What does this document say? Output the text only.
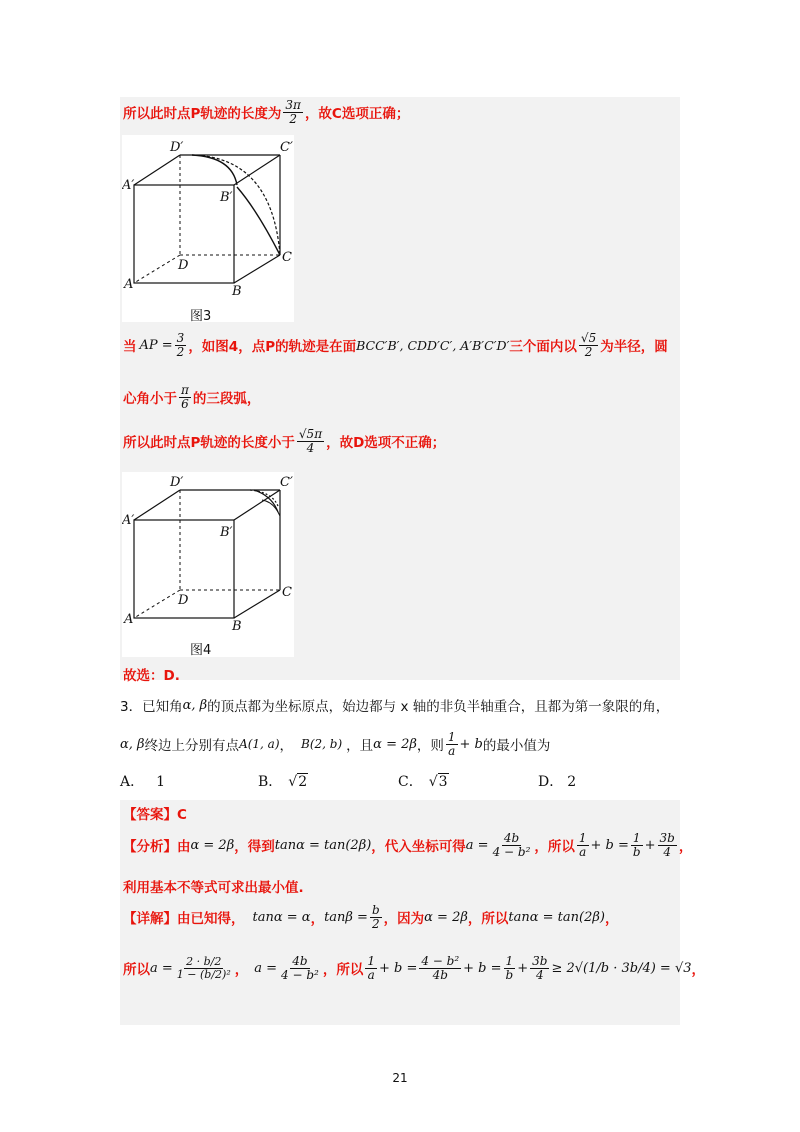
所以此时点P轨迹的长度为 $\frac{3\pi}{2}$ ，故C选项正确；
D′	C′
A′
B′
D
C
A	B
图3
当 AP = $\frac{3}{2}$ ，如图4，点P的轨迹是在面 BCC′B′, CDD′C′, A′B′C′D′ 三个面内以 $\frac{√5}{2}$ 为半径，圆
心角小于 $\frac{\pi}{6}$ 的三段弧，
所以此时点P轨迹的长度小于 $\frac{√5\pi}{4}$ ，故D选项不正确；
D′	C′
A′
B′
D
C
A	B
图4
故选：D.
3． 已知角 α, β 的顶点都为坐标原点，始边都与 x 轴的非负半轴重合，且都为第一象限的角，
α, β 终边上分别有点 A(1, a) ， B(2, b) ，且 α = 2β ，则 $\frac{1}{a} + b$ 的最小值为
A． 1	B． √2	C． √3	D． 2
【答案】C
【分析】由 α = 2β ，得到 tanα = tan(2β) ，代入坐标可得 $a = \frac{4b}{\text{4 − b²}}$ ，所以 $\frac{1}{a} + b = \frac{1}{b} + \frac{3b}{4}$ ，
利用基本不等式可求出最小值.
【详解】由已知得， tanα = α ， $\tan\beta = \frac{b}{2}$ ，因为 α = 2β ，所以 tanα = tan(2β) ，
所以 $a = \frac{2 \cdot b/2}{\text{1 − (b/2)²}}$ ， $a = \frac{4b}{\text{4 − b²}}$ ，所以 $\frac{1}{a} + b = \frac{\text{4 − b²}}{4b} + b = \frac{1}{b} + \frac{3b}{4} \ge 2√(1/b \cdot 3b/4) = √3$ ，
21
